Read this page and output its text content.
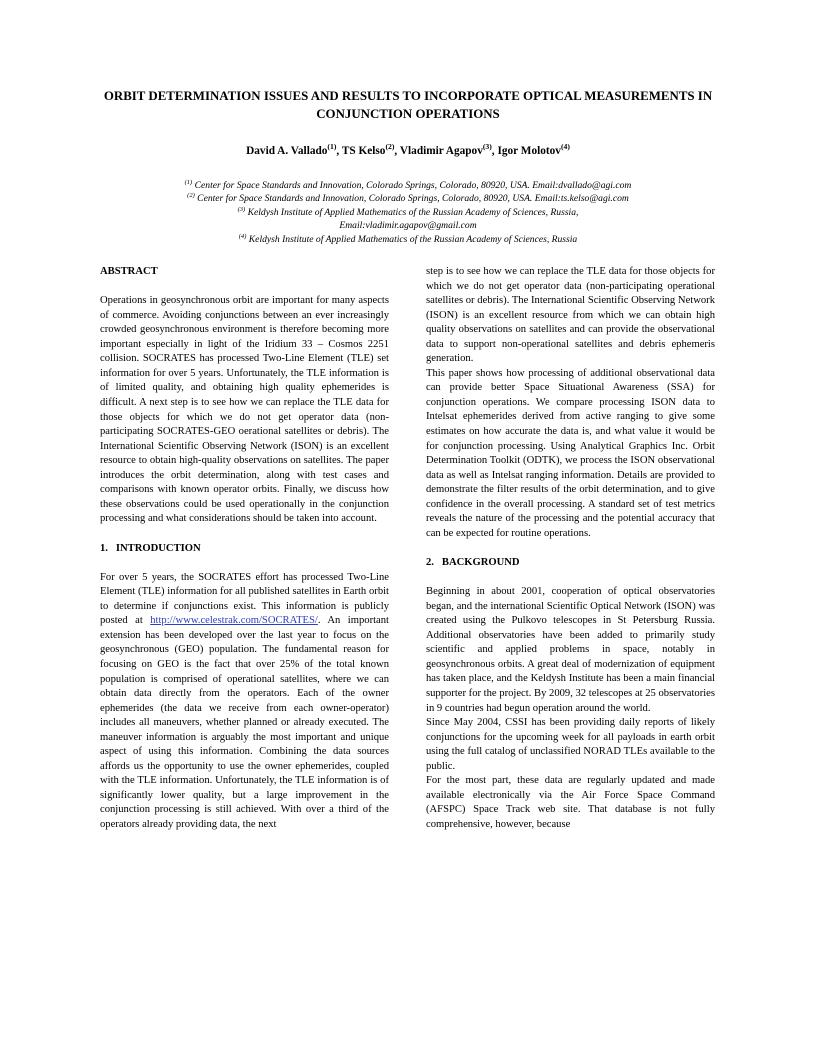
ORBIT DETERMINATION ISSUES AND RESULTS TO INCORPORATE OPTICAL MEASUREMENTS IN CONJUNCTION OPERATIONS
David A. Vallado$^{(1)}$, TS Kelso$^{(2)}$, Vladimir Agapov$^{(3)}$, Igor Molotov$^{(4)}$

$^{(1)}$ Center for Space Standards and Innovation, Colorado Springs, Colorado, 80920, USA. Email:dvallado@agi.com

$^{(2)}$ Center for Space Standards and Innovation, Colorado Springs, Colorado, 80920, USA. Email:ts.kelso@agi.com

$^{(3)}$ Keldysh Institute of Applied Mathematics of the Russian Academy of Sciences, Russia,

Email:vladimir.agapov@gmail.com

$^{(4)}$ Keldysh Institute of Applied Mathematics of the Russian Academy of Sciences, Russia

ABSTRACT

Operations in geosynchronous orbit are important for many aspects of commerce. Avoiding conjunctions between an ever increasingly crowded geosynchronous environment is therefore becoming more important especially in light of the Iridium 33 – Cosmos 2251 collision. SOCRATES has processed Two-Line Element (TLE) set information for over 5 years. Unfortunately, the TLE information is of limited quality, and obtaining high quality ephemerides is difficult. A next step is to see how we can replace the TLE data for those objects for which we do not get operator data (non-participating SOCRATES-GEO oerational satellites or debris). The International Scientific Observing Network (ISON) is an excellent resource to obtain high-quality observations on satellites. The paper introduces the orbit determination, along with test cases and comparisons with known operator orbits. Finally, we discuss how these observations could be used operationally in the conjunction processing and what considerations should be taken into account.

1.  INTRODUCTION

For over 5 years, the SOCRATES effort has processed Two-Line Element (TLE) information for all published satellites in Earth orbit to determine if conjunctions exist. This information is publicly posted at http://www.celestrak.com/SOCRATES/. An important extension has been developed over the last year to focus on the geosynchronous (GEO) population. The fundamental reason for focusing on GEO is the fact that over 25% of the total known population is comprised of operational satellites, where we can obtain data directly from the operators. Each of the owner ephemerides (the data we receive from each owner-operator) includes all maneuvers, whether planned or already executed. The maneuver information is arguably the most important and unique aspect of using this information. Combining the data sources affords us the opportunity to use the owner ephemerides, coupled with the TLE information. Unfortunately, the TLE information is of significantly lower quality, but a large improvement in the conjunction processing is still achieved. With over a third of the operators already providing data, the next

step is to see how we can replace the TLE data for those objects for which we do not get operator data (non-participating operational satellites or debris). The International Scientific Observing Network (ISON) is an excellent resource from which we can obtain high quality observations on satellites and can provide the observational data to support non-operational satellites and debris ephemeris generation.

This paper shows how processing of additional observational data can provide better Space Situational Awareness (SSA) for conjunction operations. We compare processing ISON data to Intelsat ephemerides derived from active ranging to give some estimates on how accurate the data is, and what value it would be for conjunction processing. Using Analytical Graphics Inc. Orbit Determination Toolkit (ODTK), we process the ISON observational data as well as Intelsat ranging information. Details are provided to demonstrate the filter results of the orbit determination, and to give confidence in the overall processing. A standard set of test metrics reveals the nature of the processing and the potential accuracy that can be expected for routine operations.

2.  BACKGROUND

Beginning in about 2001, cooperation of optical observatories began, and the international Scientific Optical Network (ISON) was created using the Pulkovo telescopes in St Petersburg Russia. Additional observatories have been added to primarily study scientific and applied problems in space, notably in geosynchronous orbits. A great deal of modernization of equipment has taken place, and the Keldysh Institute has been a main financial supporter for the project. By 2009, 32 telescopes at 25 observatories in 9 countries had begun operation around the world.

Since May 2004, CSSI has been providing daily reports of likely conjunctions for the upcoming week for all payloads in earth orbit using the full catalog of unclassified NORAD TLEs available to the public.

For the most part, these data are regularly updated and made available electronically via the Air Force Space Command (AFSPC) Space Track web site. That database is not fully comprehensive, however, because
